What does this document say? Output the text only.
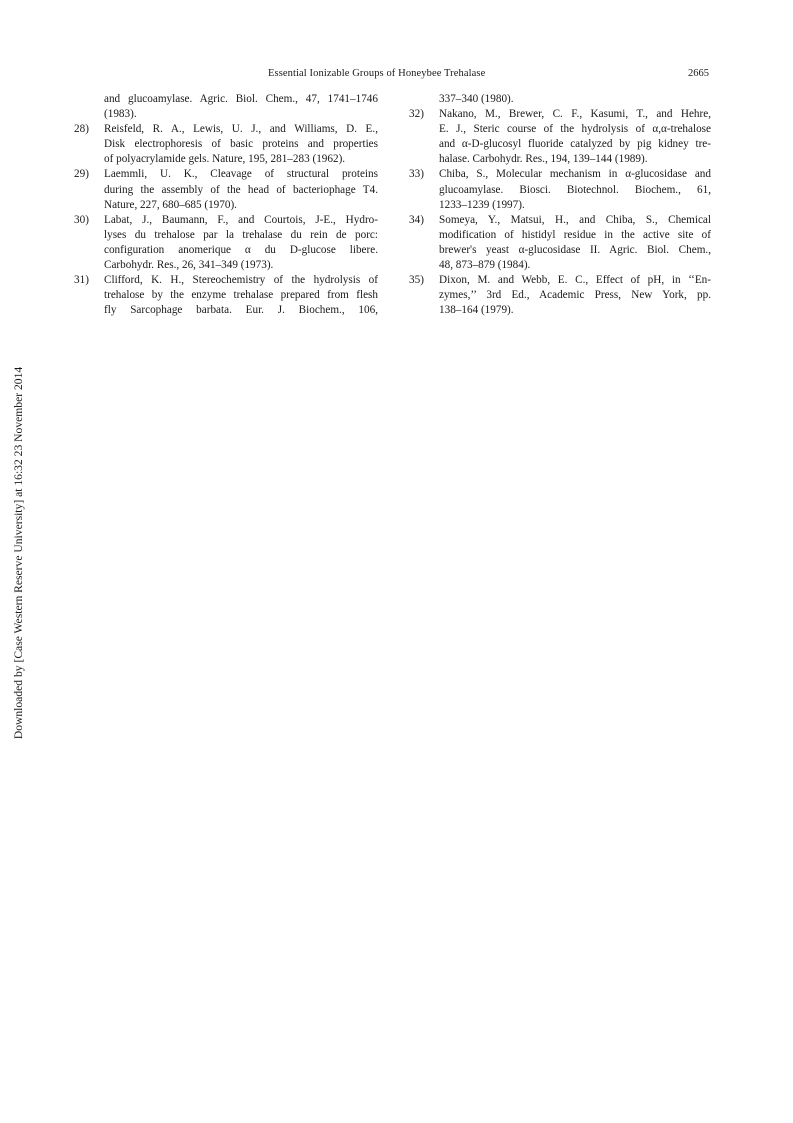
Essential Ionizable Groups of Honeybee Trehalase	2665
and glucoamylase. Agric. Biol. Chem., 47, 1741–1746
(1983).
28) Reisfeld, R. A., Lewis, U. J., and Williams, D. E.,
Disk electrophoresis of basic proteins and properties
of polyacrylamide gels. Nature, 195, 281–283 (1962).
29) Laemmli, U. K., Cleavage of structural proteins
during the assembly of the head of bacteriophage T4.
Nature, 227, 680–685 (1970).
30) Labat, J., Baumann, F., and Courtois, J-E., Hydro-
lyses du trehalose par la trehalase du rein de porc:
configuration anomerique α du D-glucose libere.
Carbohydr. Res., 26, 341–349 (1973).
31) Clifford, K. H., Stereochemistry of the hydrolysis of
trehalose by the enzyme trehalase prepared from flesh
fly Sarcophage barbata. Eur. J. Biochem., 106,
337–340 (1980).
32) Nakano, M., Brewer, C. F., Kasumi, T., and Hehre,
E. J., Steric course of the hydrolysis of α,α-trehalose
and α-D-glucosyl fluoride catalyzed by pig kidney tre-
halase. Carbohydr. Res., 194, 139–144 (1989).
33) Chiba, S., Molecular mechanism in α-glucosidase and
glucoamylase. Biosci. Biotechnol. Biochem., 61,
1233–1239 (1997).
34) Someya, Y., Matsui, H., and Chiba, S., Chemical
modification of histidyl residue in the active site of
brewer's yeast α-glucosidase II. Agric. Biol. Chem.,
48, 873–879 (1984).
35) Dixon, M. and Webb, E. C., Effect of pH, in ‘‘En-
zymes,’’ 3rd Ed., Academic Press, New York, pp.
138–164 (1979).
Downloaded by [Case Western Reserve University] at 16:32 23 November 2014
